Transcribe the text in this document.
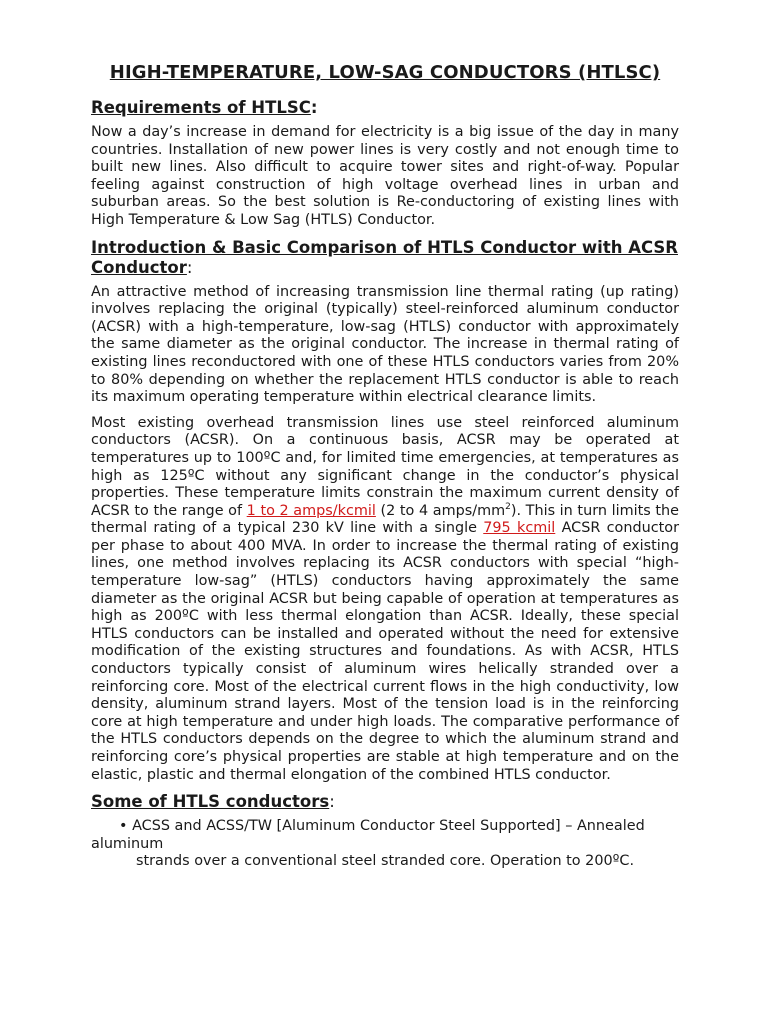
HIGH-TEMPERATURE, LOW-SAG CONDUCTORS (HTLSC)
Requirements of HTLSC:

Now a day’s increase in demand for electricity is a big issue of the day in many countries. Installation of new power lines is very costly and not enough time to built new lines. Also difficult to acquire tower sites and right-of-way. Popular feeling against construction of high voltage overhead lines in urban and suburban areas. So the best solution is Re-conductoring of existing lines with High Temperature & Low Sag (HTLS) Conductor.

Introduction & Basic Comparison of HTLS Conductor with ACSR Conductor:

An attractive method of increasing transmission line thermal rating (up rating) involves replacing the original (typically) steel-reinforced aluminum conductor (ACSR) with a high-temperature, low-sag (HTLS) conductor with approximately the same diameter as the original conductor. The increase in thermal rating of existing lines reconductored with one of these HTLS conductors varies from 20% to 80% depending on whether the replacement HTLS conductor is able to reach its maximum operating temperature within electrical clearance limits.

Most existing overhead transmission lines use steel reinforced aluminum conductors (ACSR). On a continuous basis, ACSR may be operated at temperatures up to 100ºC and, for limited time emergencies, at temperatures as high as 125ºC without any significant change in the conductor’s physical properties. These temperature limits constrain the maximum current density of ACSR to the range of 1 to 2 amps/kcmil (2 to 4 amps/$mm^2$). This in turn limits the thermal rating of a typical 230 kV line with a single 795 kcmil ACSR conductor per phase to about 400 MVA. In order to increase the thermal rating of existing lines, one method involves replacing its ACSR conductors with special “high-temperature low-sag” (HTLS) conductors having approximately the same diameter as the original ACSR but being capable of operation at temperatures as high as 200ºC with less thermal elongation than ACSR. Ideally, these special HTLS conductors can be installed and operated without the need for extensive modification of the existing structures and foundations. As with ACSR, HTLS conductors typically consist of aluminum wires helically stranded over a reinforcing core. Most of the electrical current flows in the high conductivity, low density, aluminum strand layers. Most of the tension load is in the reinforcing core at high temperature and under high loads. The comparative performance of the HTLS conductors depends on the degree to which the aluminum strand and reinforcing core’s physical properties are stable at high temperature and on the elastic, plastic and thermal elongation of the combined HTLS conductor.

Some of HTLS conductors:
• ACSS and ACSS/TW [Aluminum Conductor Steel Supported] – Annealed
aluminum
strands over a conventional steel stranded core. Operation to 200ºC.
